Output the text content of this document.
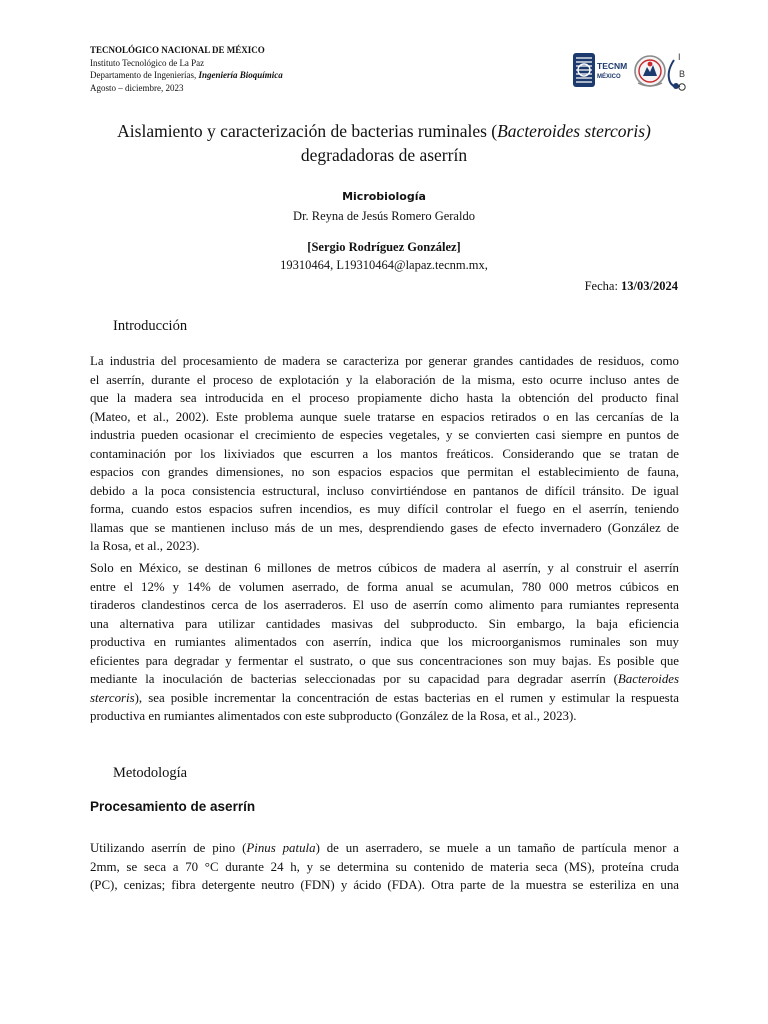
TECNOLÓGICO NACIONAL DE MÉXICO
Instituto Tecnológico de La Paz
Departamento de Ingenierías, Ingeniería Bioquímica
Agosto – diciembre, 2023
TECNM
MÉXICO
I
B
Aislamiento y caracterización de bacterias ruminales (Bacteroides stercoris)
degradadoras de aserrín
Microbiología
Dr. Reyna de Jesús Romero Geraldo
[Sergio Rodríguez González]
19310464, L19310464@lapaz.tecnm.mx,
Fecha: 13/03/2024
Introducción
La industria del procesamiento de madera se caracteriza por generar grandes cantidades de residuos, como
el aserrín, durante el proceso de explotación y la elaboración de la misma, esto ocurre incluso antes de
que la madera sea introducida en el proceso propiamente dicho hasta la obtención del producto final
(Mateo, et al., 2002). Este problema aunque suele tratarse en espacios retirados o en las cercanías de la
industria pueden ocasionar el crecimiento de especies vegetales, y se convierten casi siempre en puntos de
contaminación por los lixiviados que escurren a los mantos freáticos. Considerando que se tratan de
espacios con grandes dimensiones, no son espacios espacios que permitan el establecimiento de fauna,
debido a la poca consistencia estructural, incluso convirtiéndose en pantanos de difícil tránsito. De igual
forma, cuando estos espacios sufren incendios, es muy difícil controlar el fuego en el aserrín, teniendo
llamas que se mantienen incluso más de un mes, desprendiendo gases de efecto invernadero (González de
la Rosa, et al., 2023).
Solo en México, se destinan 6 millones de metros cúbicos de madera al aserrín, y al construir el aserrín
entre el 12% y 14% de volumen aserrado, de forma anual se acumulan, 780 000 metros cúbicos en
tiraderos clandestinos cerca de los aserraderos. El uso de aserrín como alimento para rumiantes representa
una alternativa para utilizar cantidades masivas del subproducto. Sin embargo, la baja eficiencia
productiva en rumiantes alimentados con aserrín, indica que los microorganismos ruminales son muy
eficientes para degradar y fermentar el sustrato, o que sus concentraciones son muy bajas. Es posible que
mediante la inoculación de bacterias seleccionadas por su capacidad para degradar aserrín (Bacteroides
stercoris), sea posible incrementar la concentración de estas bacterias en el rumen y estimular la respuesta
productiva en rumiantes alimentados con este subproducto (González de la Rosa, et al., 2023).
Metodología
Procesamiento de aserrín
Utilizando aserrín de pino (Pinus patula) de un aserradero, se muele a un tamaño de partícula menor a
2mm, se seca a 70 °C durante 24 h, y se determina su contenido de materia seca (MS), proteína cruda
(PC), cenizas; fibra detergente neutro (FDN) y ácido (FDA). Otra parte de la muestra se esteriliza en una
